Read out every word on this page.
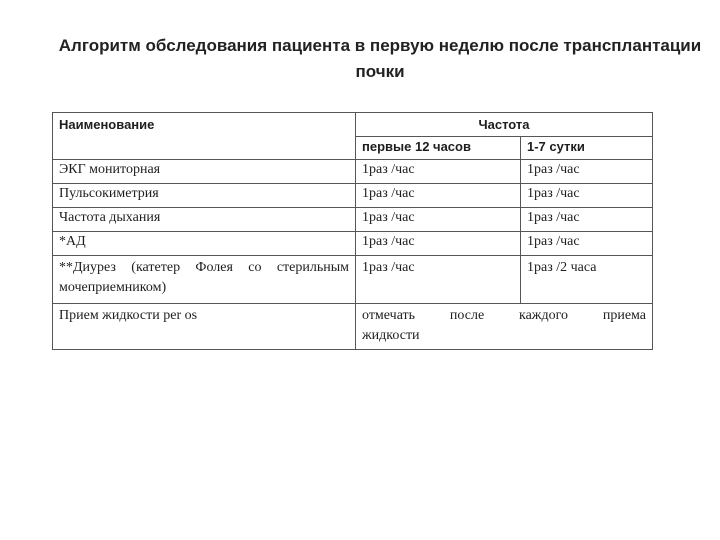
Алгоритм обследования пациента в первую неделю после трансплантации
почки
Наименование	Частота	
	первые 12 часов	1-7 сутки
ЭКГ мониторная	1раз /час	1раз /час
Пульсокиметрия	1раз /час	1раз /час
Частота дыхания	1раз /час	1раз /час
*АД	1раз /час	1раз /час

**Диурез (катетер Фолея со стерильным
мочеприемником)	1раз /час	1раз /2 часа
Прием жидкости per os	отмечать после каждого приема
жидкости	
